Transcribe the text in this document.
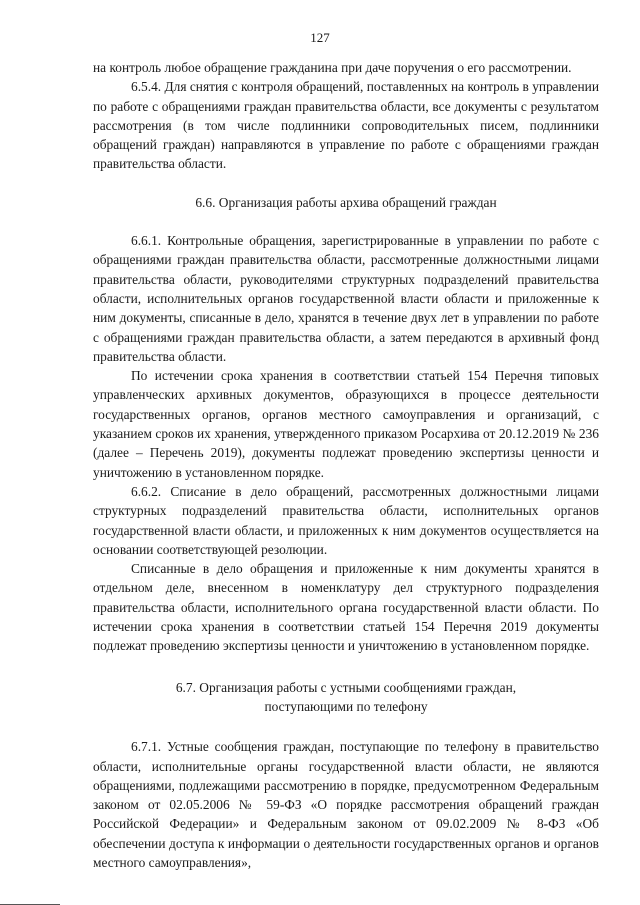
127

на контроль любое обращение гражданина при даче поручения о его рассмотрении.

6.5.4. Для снятия с контроля обращений, поставленных на контроль в управлении по работе с обращениями граждан правительства области, все документы с результатом рассмотрения (в том числе подлинники сопроводительных писем, подлинники обращений граждан) направляются в управление по работе с обращениями граждан правительства области.

6.6. Организация работы архива обращений граждан

6.6.1. Контрольные обращения, зарегистрированные в управлении по работе с обращениями граждан правительства области, рассмотренные должностными лицами правительства области, руководителями структурных подразделений правительства области, исполнительных органов государственной власти области и приложенные к ним документы, списанные в дело, хранятся в течение двух лет в управлении по работе с обращениями граждан правительства области, а затем передаются в архивный фонд правительства области.

По истечении срока хранения в соответствии статьей 154 Перечня типовых управленческих архивных документов, образующихся в процессе деятельности государственных органов, органов местного самоуправления и организаций, с указанием сроков их хранения, утвержденного приказом Росархива от 20.12.2019 № 236 (далее – Перечень 2019), документы подлежат проведению экспертизы ценности и уничтожению в установленном порядке.

6.6.2. Списание в дело обращений, рассмотренных должностными лицами структурных подразделений правительства области, исполнительных органов государственной власти области, и приложенных к ним документов осуществляется на основании соответствующей резолюции.

Списанные в дело обращения и приложенные к ним документы хранятся в отдельном деле, внесенном в номенклатуру дел структурного подразделения правительства области, исполнительного органа государственной власти области. По истечении срока хранения в соответствии статьей 154 Перечня 2019 документы подлежат проведению экспертизы ценности и уничтожению в установленном порядке.

6.7. Организация работы с устными сообщениями граждан,
поступающими по телефону

6.7.1. Устные сообщения граждан, поступающие по телефону в правительство области, исполнительные органы государственной власти области, не являются обращениями, подлежащими рассмотрению в порядке, предусмотренном Федеральным законом от 02.05.2006 № 59-ФЗ «О порядке рассмотрения обращений граждан Российской Федерации» и Федеральным законом от 09.02.2009 № 8-ФЗ «Об обеспечении доступа к информации о деятельности государственных органов и органов местного самоуправления»,
